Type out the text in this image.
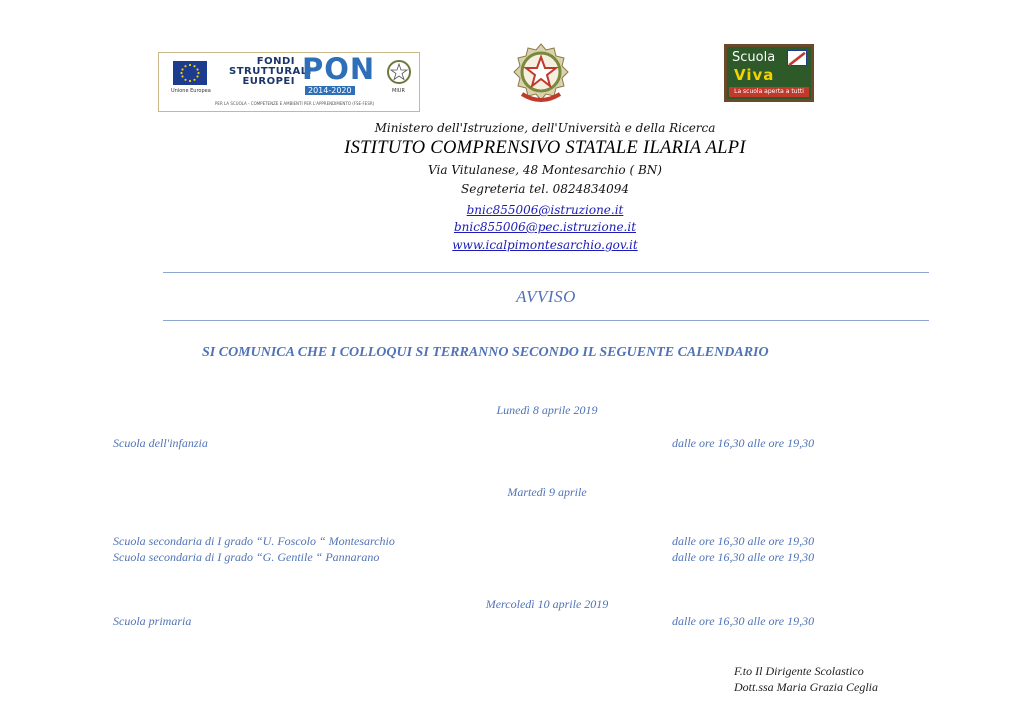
Unione Europea
FONDI
STRUTTURALI
EUROPEI PON
2014-2020	MIUR
PER LA SCUOLA - COMPETENZE E AMBIENTI PER L'APPRENDIMENTO (FSE-FESR)
Scuola
Viva
La scuola aperta a tutti
Ministero dell'Istruzione, dell'Università e della Ricerca
ISTITUTO COMPRENSIVO STATALE ILARIA ALPI
Via Vitulanese, 48 Montesarchio ( BN)
Segreteria tel. 0824834094
bnic855006@istruzione.it
bnic855006@pec.istruzione.it
www.icalpimontesarchio.gov.it
AVVISO
SI COMUNICA CHE I COLLOQUI SI TERRANNO SECONDO IL SEGUENTE CALENDARIO
Lunedì 8 aprile 2019
Scuola dell'infanzia	dalle ore 16,30 alle ore 19,30
Martedì 9 aprile
Scuola secondaria di I grado “U. Foscolo “ Montesarchio	dalle ore 16,30 alle ore 19,30
Scuola secondaria di I grado “G. Gentile “ Pannarano	dalle ore 16,30 alle ore 19,30
Mercoledì 10 aprile 2019
Scuola primaria	dalle ore 16,30 alle ore 19,30
F.to Il Dirigente Scolastico
Dott.ssa Maria Grazia Ceglia
